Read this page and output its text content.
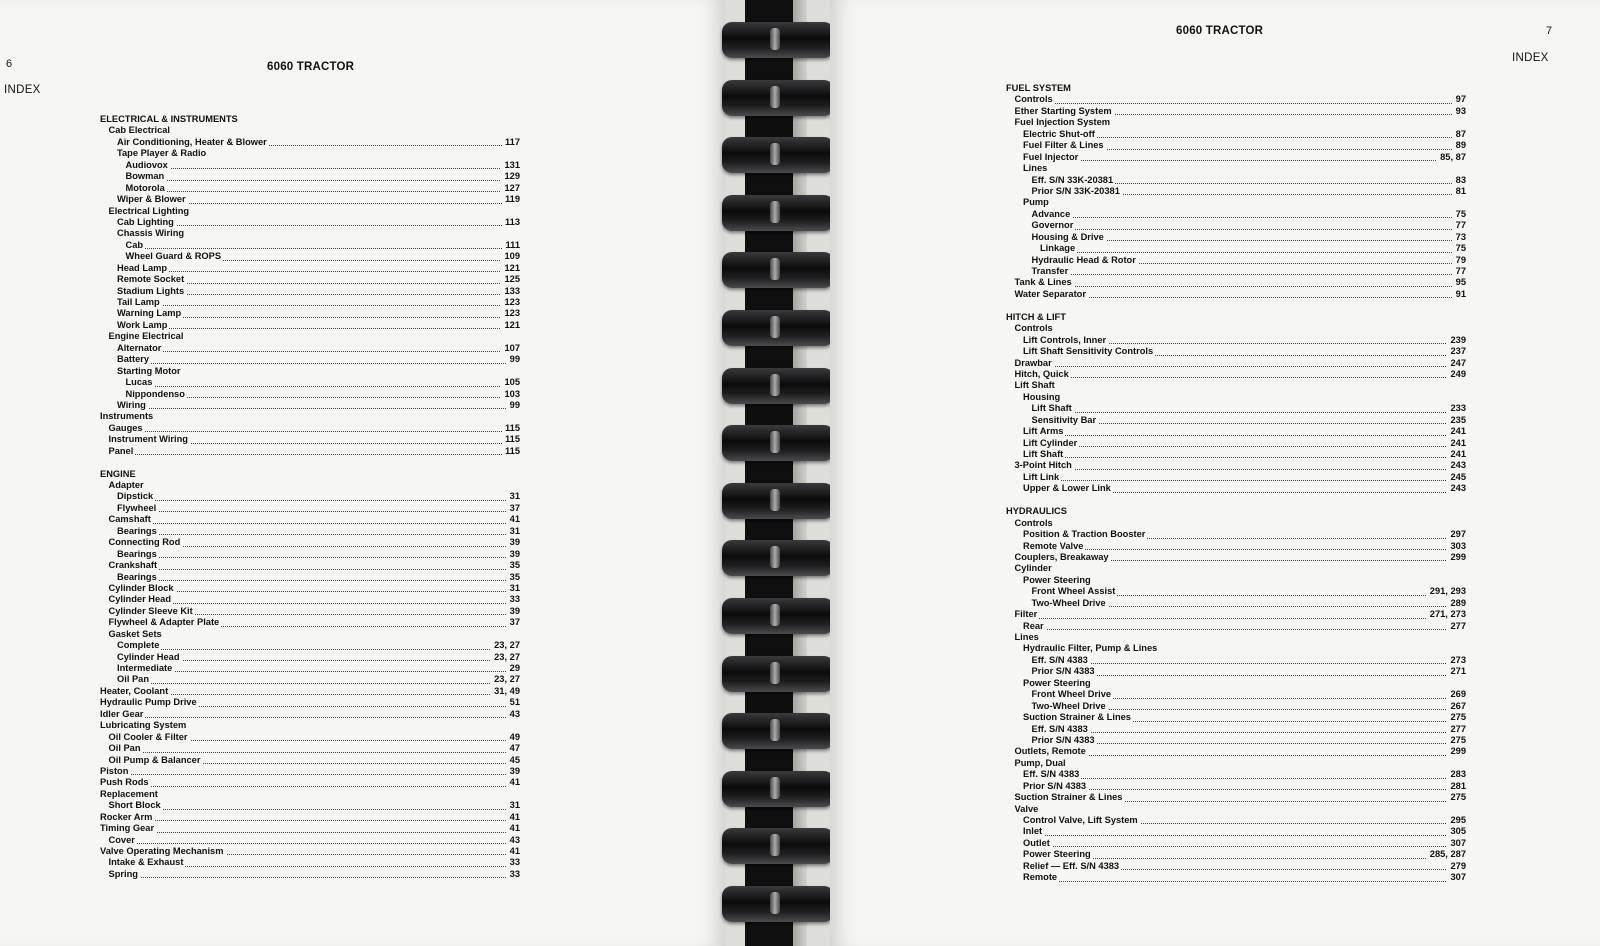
6
INDEX
6060 TRACTOR
ELECTRICAL & INSTRUMENTS
Cab Electrical
Air Conditioning, Heater & Blower	117
Tape Player & Radio
Audiovox	131
Bowman	129
Motorola	127
Wiper & Blower	119
Electrical Lighting
Cab Lighting	113
Chassis Wiring
Cab	111
Wheel Guard & ROPS	109
Head Lamp	121
Remote Socket	125
Stadium Lights	133
Tail Lamp	123
Warning Lamp	123
Work Lamp	121
Engine Electrical
Alternator	107
Battery	99
Starting Motor
Lucas	105
Nippondenso	103
Wiring	99
Instruments
Gauges	115
Instrument Wiring	115
Panel	115
ENGINE
Adapter
Dipstick	31
Flywheel	37
Camshaft	41
Bearings	31
Connecting Rod	39
Bearings	39
Crankshaft	35
Bearings	35
Cylinder Block	31
Cylinder Head	33
Cylinder Sleeve Kit	39
Flywheel & Adapter Plate	37
Gasket Sets
Complete	23, 27
Cylinder Head	23, 27
Intermediate	29
Oil Pan	23, 27
Heater, Coolant	31, 49
Hydraulic Pump Drive	51
Idler Gear	43
Lubricating System
Oil Cooler & Filter	49
Oil Pan	47
Oil Pump & Balancer	45
Piston	39
Push Rods	41
Replacement
Short Block	31
Rocker Arm	41
Timing Gear	41
Cover	43
Valve Operating Mechanism	41
Intake & Exhaust	33
Spring	33
6060 TRACTOR	7
INDEX
FUEL SYSTEM
Controls	97
Ether Starting System	93
Fuel Injection System
Electric Shut-off	87
Fuel Filter & Lines	89
Fuel Injector	85, 87
Lines
Eff. S/N 33K-20381	83
Prior S/N 33K-20381	81
Pump
Advance	75
Governor	77
Housing & Drive	73
Linkage	75
Hydraulic Head & Rotor	79
Transfer	77
Tank & Lines	95
Water Separator	91
HITCH & LIFT
Controls
Lift Controls, Inner	239
Lift Shaft Sensitivity Controls	237
Drawbar	247
Hitch, Quick	249
Lift Shaft
Housing
Lift Shaft	233
Sensitivity Bar	235
Lift Arms	241
Lift Cylinder	241
Lift Shaft	241
3-Point Hitch	243
Lift Link	245
Upper & Lower Link	243
HYDRAULICS
Controls
Position & Traction Booster	297
Remote Valve	303
Couplers, Breakaway	299
Cylinder
Power Steering
Front Wheel Assist	291, 293
Two-Wheel Drive	289
Filter	271, 273
Rear	277
Lines
Hydraulic Filter, Pump & Lines
Eff. S/N 4383	273
Prior S/N 4383	271
Power Steering
Front Wheel Drive	269
Two-Wheel Drive	267
Suction Strainer & Lines	275
Eff. S/N 4383	277
Prior S/N 4383	275
Outlets, Remote	299
Pump, Dual
Eff. S/N 4383	283
Prior S/N 4383	281
Suction Strainer & Lines	275
Valve
Control Valve, Lift System	295
Inlet	305
Outlet	307
Power Steering	285, 287
Relief — Eff. S/N 4383	279
Remote	307
